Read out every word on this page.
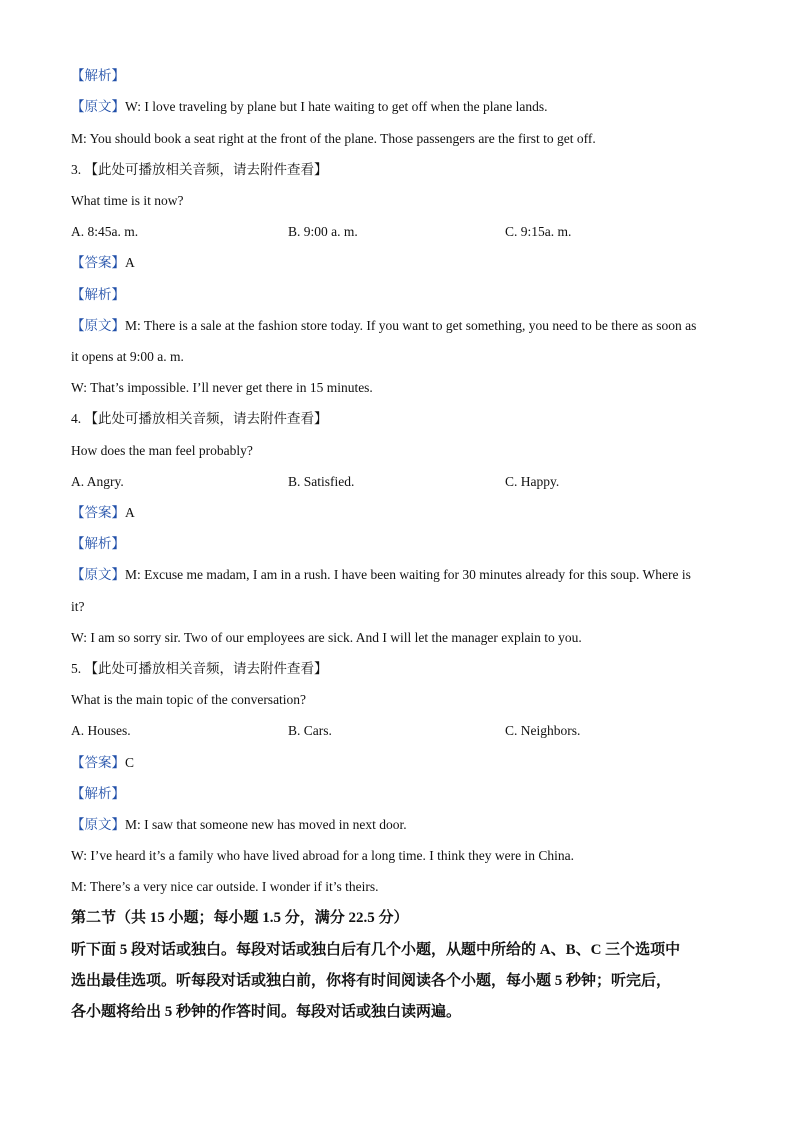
【解析】
【原文】W: I love traveling by plane but I hate waiting to get off when the plane lands.
M: You should book a seat right at the front of the plane. Those passengers are the first to get off.
3. 【此处可播放相关音频，请去附件查看】
What time is it now?
A. 8:45a. m.	B. 9:00 a. m.	C. 9:15a. m.
【答案】A
【解析】
【原文】M: There is a sale at the fashion store today. If you want to get something, you need to be there as soon as
it opens at 9:00 a. m.
W: That’s impossible. I’ll never get there in 15 minutes.
4. 【此处可播放相关音频，请去附件查看】
How does the man feel probably?
A. Angry.	B. Satisfied.	C. Happy.
【答案】A
【解析】
【原文】M: Excuse me madam, I am in a rush. I have been waiting for 30 minutes already for this soup. Where is
it?
W: I am so sorry sir. Two of our employees are sick. And I will let the manager explain to you.
5. 【此处可播放相关音频，请去附件查看】
What is the main topic of the conversation?
A. Houses.	B. Cars.	C. Neighbors.
【答案】C
【解析】
【原文】M: I saw that someone new has moved in next door.
W: I’ve heard it’s a family who have lived abroad for a long time. I think they were in China.
M: There’s a very nice car outside. I wonder if it’s theirs.
第二节（共 15 小题；每小题 1.5 分，满分 22.5 分）
听下面 5 段对话或独白。每段对话或独白后有几个小题，从题中所给的 A、B、C 三个选项中
选出最佳选项。听每段对话或独白前，你将有时间阅读各个小题，每小题 5 秒钟；听完后，
各小题将给出 5 秒钟的作答时间。每段对话或独白读两遍。
